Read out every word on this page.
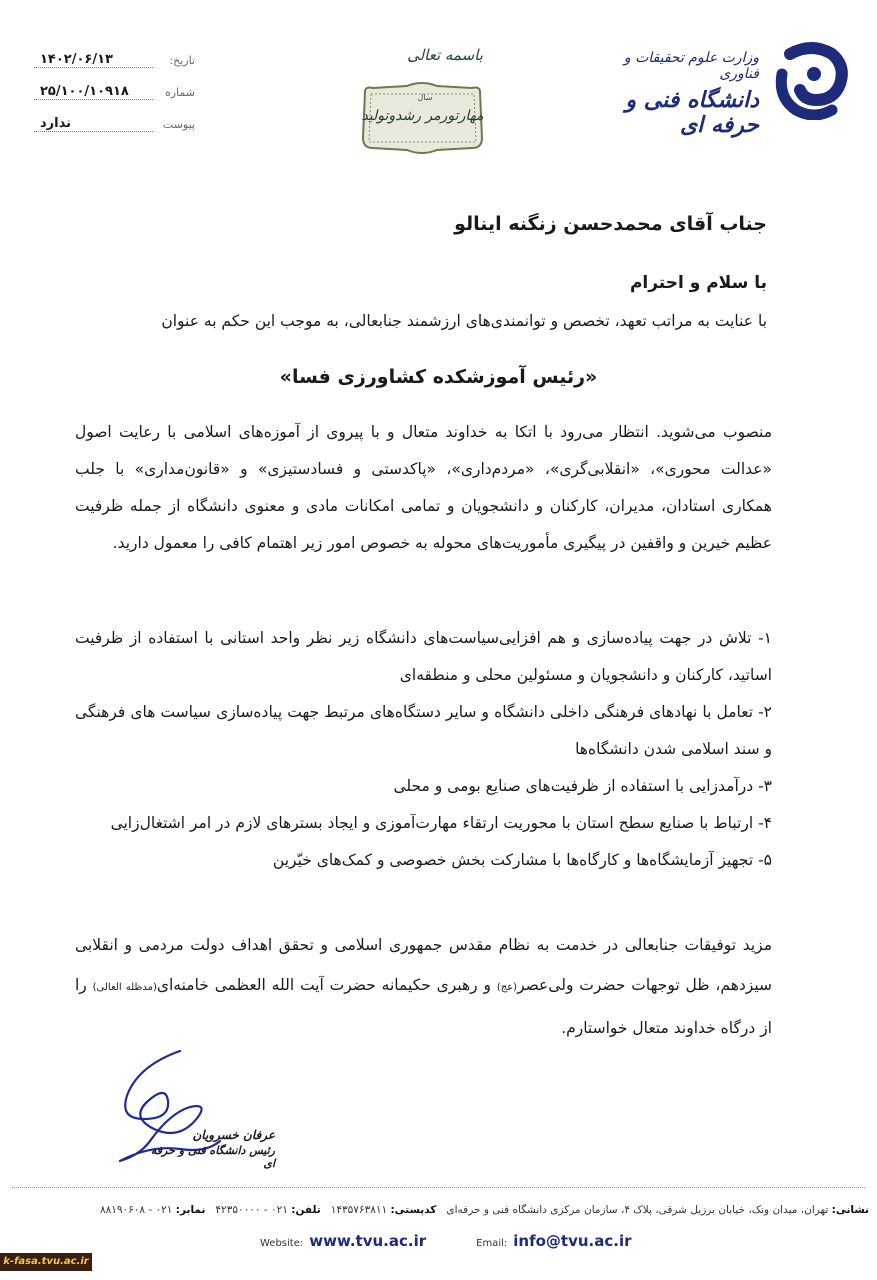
وزارت علوم تحقیقات و فناوری
دانشگاه فنی و حرفه ای
باسمه تعالی
سال
مهارتورمر رشدوتولید
تاریخ:
۱۴۰۲/۰۶/۱۳
شماره
۲۵/۱۰۰/۱۰۹۱۸
پیوست
ندارد
جناب آقای محمدحسن زنگنه اینالو
با سلام و احترام
با عنایت به مراتب تعهد، تخصص و توانمندی‌های ارزشمند جنابعالی، به موجب این حکم به عنوان
«رئیس آموزشکده کشاورزی فسا»

منصوب می‌شوید. انتظار می‌رود با اتکا به خداوند متعال و با پیروی از آموزه‌های اسلامی با رعایت اصول «عدالت محوری»، «انقلابی‌گری»، «مردم‌داری»، «پاکدستی و فسادستیزی» و «قانون‌مداری» با جلب همکاری استادان، مدیران، کارکنان و دانشجویان و تمامی امکانات مادی و معنوی دانشگاه از جمله ظرفیت عظیم خیرین و واقفین در پیگیری مأموریت‌های محوله به خصوص امور زیر اهتمام کافی را معمول دارید.

۱- تلاش در جهت پیاده‌سازی و هم افزایی‌سیاست‌های دانشگاه زیر نظر واحد استانی با استفاده از ظرفیت اساتید، کارکنان و دانشجویان و مسئولین محلی و منطقه‌ای

۲- تعامل با نهادهای فرهنگی داخلی دانشگاه و سایر دستگاه‌های مرتبط جهت پیاده‌سازی سیاست های فرهنگی و سند اسلامی شدن دانشگاه‌ها

۳- درآمدزایی با استفاده از ظرفیت‌های صنایع بومی و محلی

۴- ارتباط با صنایع سطح استان با محوریت ارتقاء مهارت‌آموزی و ایجاد بسترهای لازم در امر اشتغال‌زایی

۵- تجهیز آزمایشگاه‌ها و کارگاه‌ها با مشارکت بخش خصوصی و کمک‌های خیّرین

مزید توفیقات جنابعالی در خدمت به نظام مقدس جمهوری اسلامی و تحقق اهداف دولت مردمی و انقلابی سیزدهم، ظل توجهات حضرت ولی‌عصر(عج) و رهبری حکیمانه حضرت آیت الله العظمی خامنه‌ای(مدظله العالی) را از درگاه خداوند متعال خواستارم.

عرفان خسرویان
رئیس دانشگاه فنی و حرفه ای
نشانی: تهران، میدان ونک، خیابان برزیل شرقی، پلاک ۴، سازمان مرکزی دانشگاه فنی و حرفه‌ای   کدپستی: ۱۴۳۵۷۶۳۸۱۱   تلفن: ۰۲۱ - ۴۲۳۵۰۰۰۰   نمابر: ۰۲۱ - ۸۸۱۹۰۶۰۸
Website: www.tvu.ac.ir	Email: info@tvu.ac.ir
k-fasa.tvu.ac.ir
